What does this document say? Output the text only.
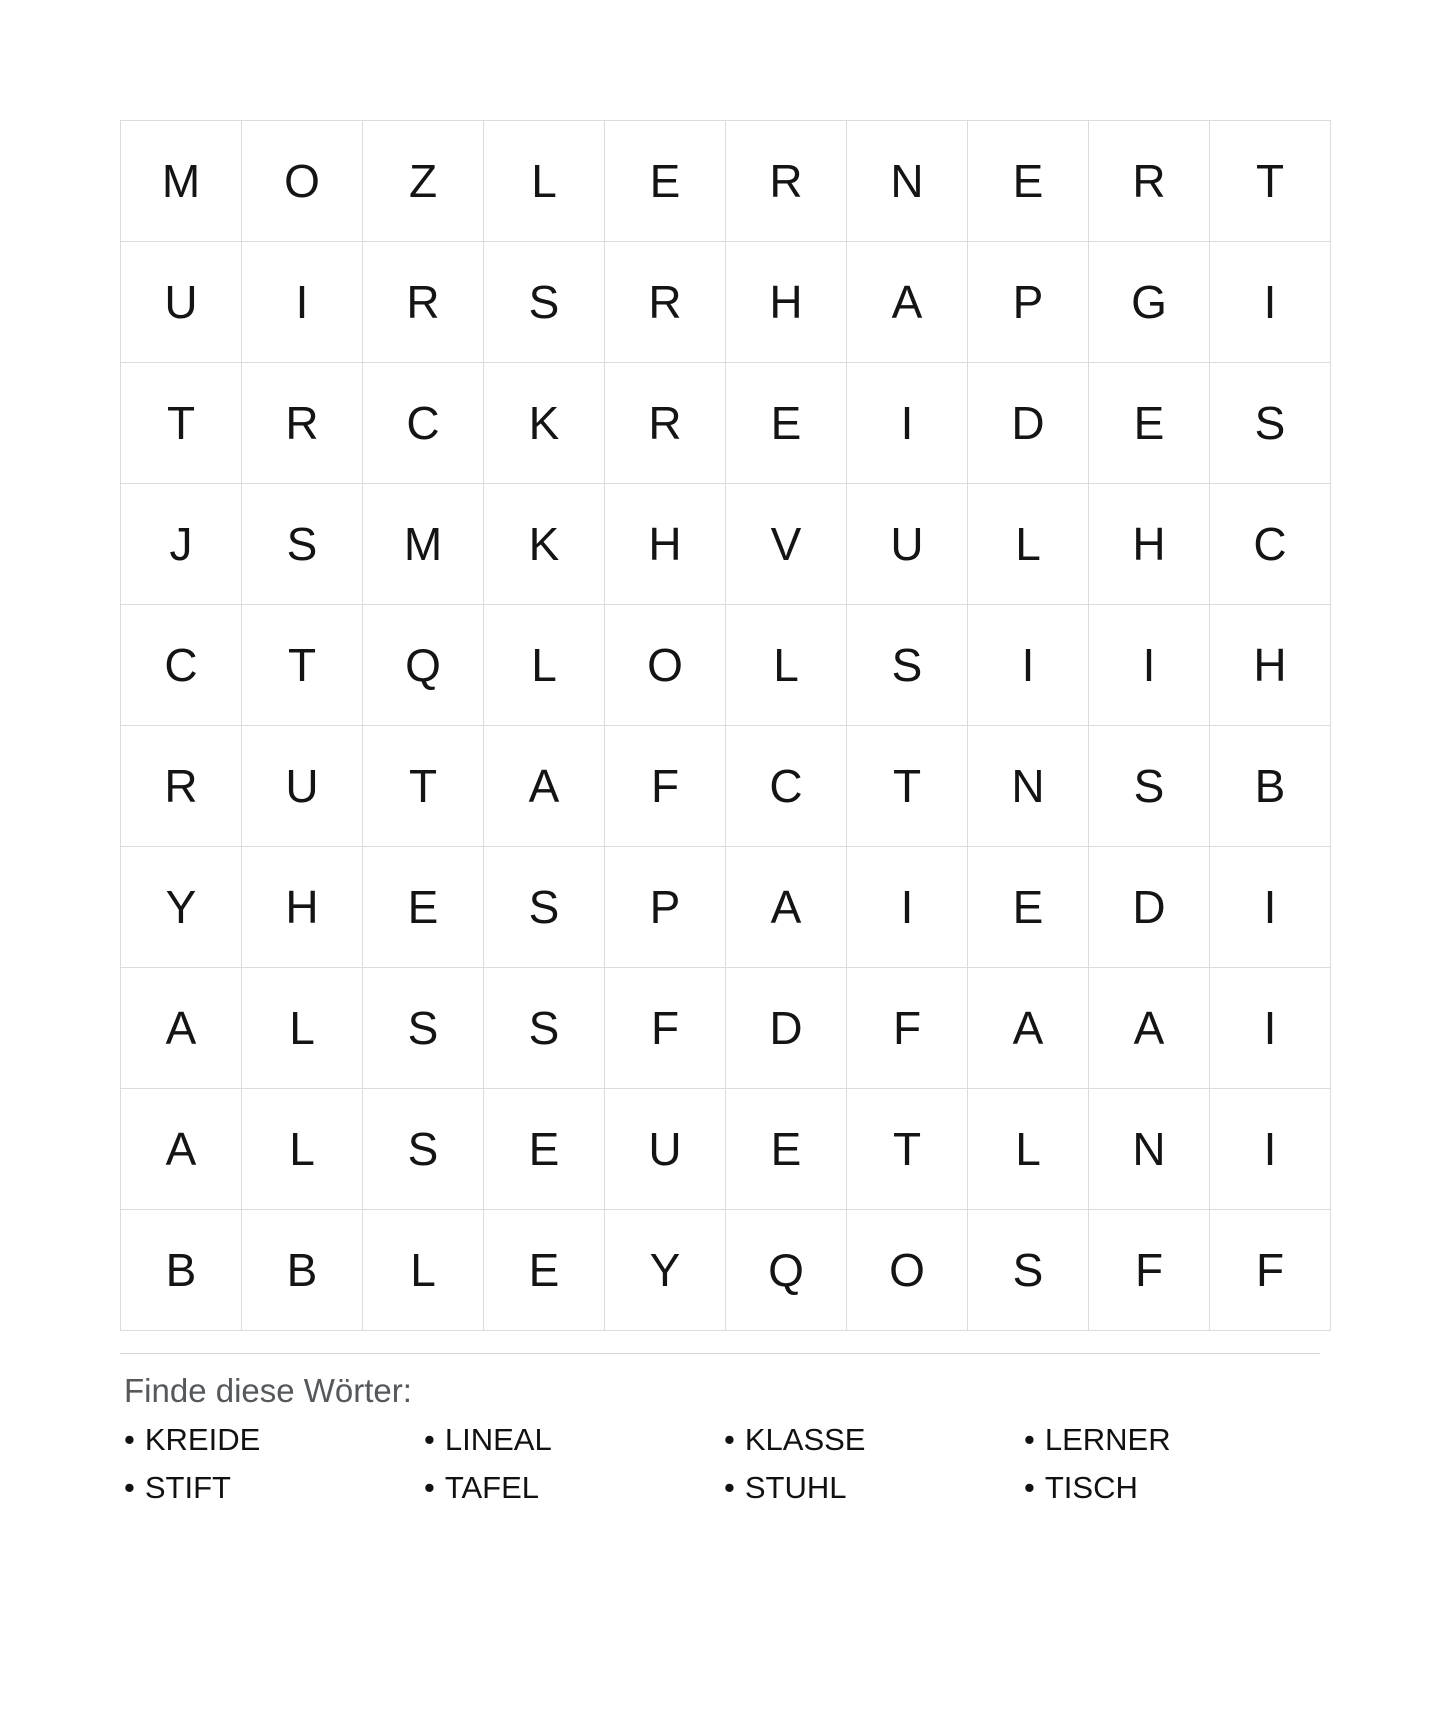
M	O	Z	L	E	R	N	E	R	T
U	I	R	S	R	H	A	P	G	I
T	R	C	K	R	E	I	D	E	S
J	S	M	K	H	V	U	L	H	C
C	T	Q	L	O	L	S	I	I	H
R	U	T	A	F	C	T	N	S	B
Y	H	E	S	P	A	I	E	D	I
A	L	S	S	F	D	F	A	A	I
A	L	S	E	U	E	T	L	N	I
B	B	L	E	Y	Q	O	S	F	F
Finde diese Wörter:
• KREIDE	• LINEAL	• KLASSE	• LERNER
• STIFT	• TAFEL	• STUHL	• TISCH
